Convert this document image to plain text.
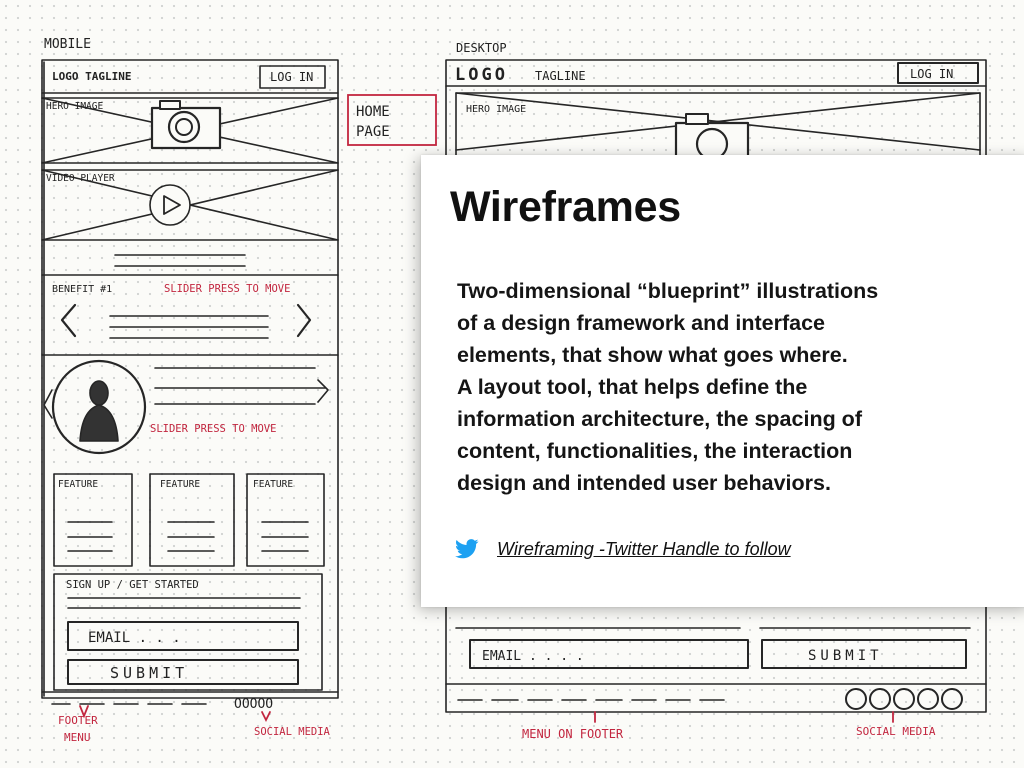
MOBILE
LOGO TAGLINE	LOG IN
HERO IMAGE
VIDEO PLAYER
BENEFIT #1	SLIDER PRESS TO MOVE
SLIDER PRESS TO MOVE
FEATURE	FEATURE	FEATURE
SIGN UP / GET STARTED
EMAIL . . .
SUBMIT
OOOOO
FOOTER
MENU	SOCIAL MEDIA
HOME
PAGE
DESKTOP
LOGO TAGLINE	LOG IN
HERO IMAGE
EMAIL . . . .	SUBMIT
MENU ON FOOTER	SOCIAL MEDIA
Wireframes
Two-dimensional “blueprint” illustrations
of a design framework and interface
elements, that show what goes where.
A layout tool, that helps define the
information architecture, the spacing of
content, functionalities, the interaction
design and intended user behaviors.
Wireframing -Twitter Handle to follow
